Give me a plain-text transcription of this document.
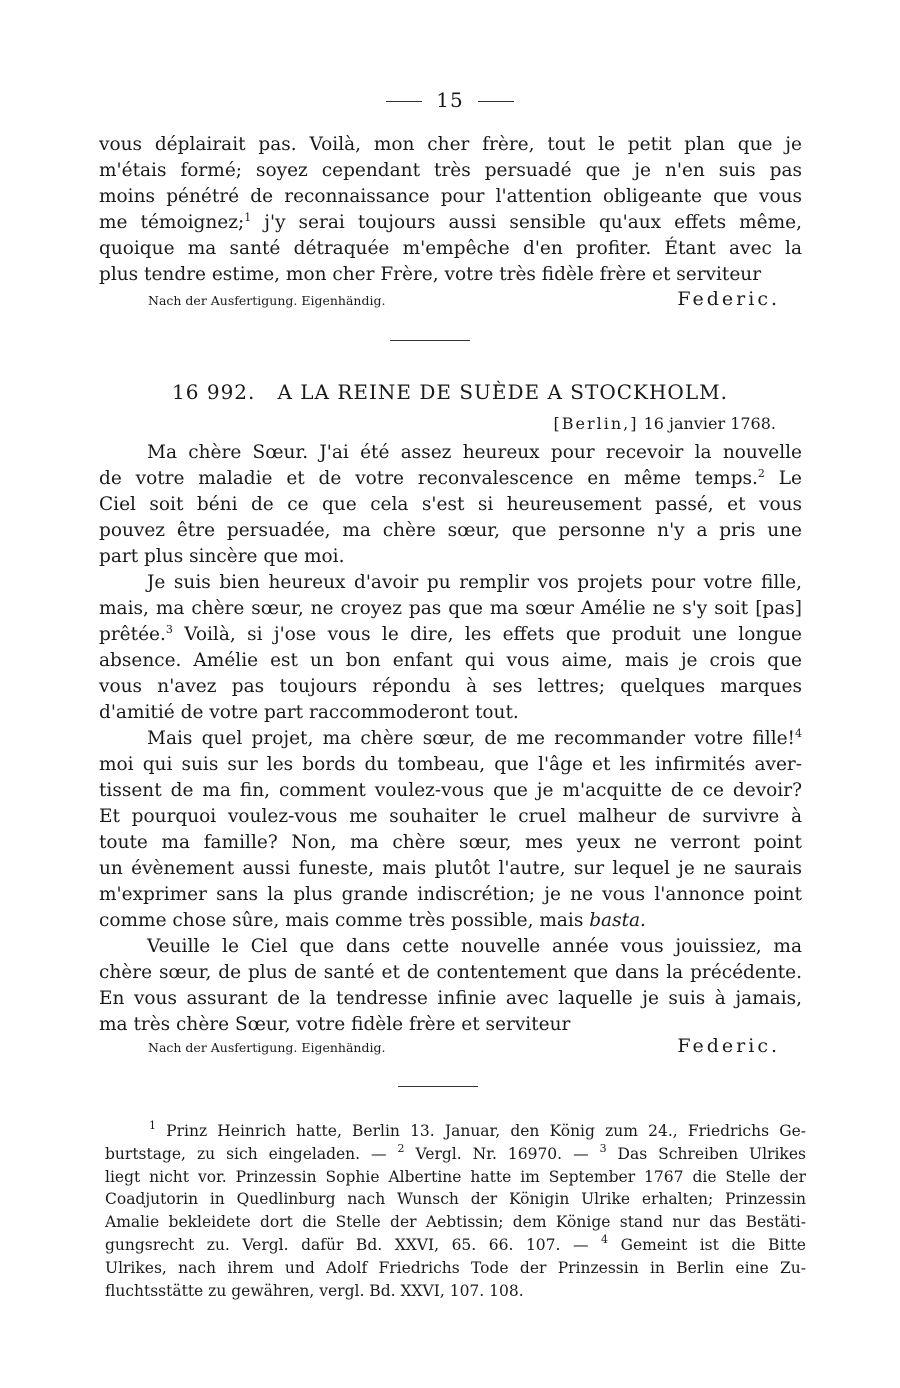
15
vous déplairait pas. Voilà, mon cher frère, tout le petit plan que je
m'étais formé; soyez cependant très persuadé que je n'en suis pas
moins pénétré de reconnaissance pour l'attention obligeante que vous
me témoignez;$^1$ j'y serai toujours aussi sensible qu'aux effets même,
quoique ma santé détraquée m'empêche d'en profiter. Étant avec la
plus tendre estime, mon cher Frère, votre très fidèle frère et serviteur
Nach der Ausfertigung. Eigenhändig.	Federic.
16 992. A LA REINE DE SUÈDE A STOCKHOLM.
[Berlin,] 16 janvier 1768.
Ma chère Sœur. J'ai été assez heureux pour recevoir la nouvelle
de votre maladie et de votre reconvalescence en même temps.$^2$ Le
Ciel soit béni de ce que cela s'est si heureusement passé, et vous
pouvez être persuadée, ma chère sœur, que personne n'y a pris une
part plus sincère que moi.
Je suis bien heureux d'avoir pu remplir vos projets pour votre fille,
mais, ma chère sœur, ne croyez pas que ma sœur Amélie ne s'y soit [pas]
prêtée.$^3$ Voilà, si j'ose vous le dire, les effets que produit une longue
absence. Amélie est un bon enfant qui vous aime, mais je crois que
vous n'avez pas toujours répondu à ses lettres; quelques marques
d'amitié de votre part raccommoderont tout.
Mais quel projet, ma chère sœur, de me recommander votre fille!$^4$
moi qui suis sur les bords du tombeau, que l'âge et les infirmités aver-
tissent de ma fin, comment voulez-vous que je m'acquitte de ce devoir?
Et pourquoi voulez-vous me souhaiter le cruel malheur de survivre à
toute ma famille? Non, ma chère sœur, mes yeux ne verront point
un évènement aussi funeste, mais plutôt l'autre, sur lequel je ne saurais
m'exprimer sans la plus grande indiscrétion; je ne vous l'annonce point
comme chose sûre, mais comme très possible, mais basta.
Veuille le Ciel que dans cette nouvelle année vous jouissiez, ma
chère sœur, de plus de santé et de contentement que dans la précédente.
En vous assurant de la tendresse infinie avec laquelle je suis à jamais,
ma très chère Sœur, votre fidèle frère et serviteur
Nach der Ausfertigung. Eigenhändig.	Federic.
$^1$ Prinz Heinrich hatte, Berlin 13. Januar, den König zum 24., Friedrichs Ge-
burtstage, zu sich eingeladen. — $^2$ Vergl. Nr. 16970. — $^3$ Das Schreiben Ulrikes
liegt nicht vor. Prinzessin Sophie Albertine hatte im September 1767 die Stelle der
Coadjutorin in Quedlinburg nach Wunsch der Königin Ulrike erhalten; Prinzessin
Amalie bekleidete dort die Stelle der Aebtissin; dem Könige stand nur das Bestäti-
gungsrecht zu. Vergl. dafür Bd. XXVI, 65. 66. 107. — $^4$ Gemeint ist die Bitte
Ulrikes, nach ihrem und Adolf Friedrichs Tode der Prinzessin in Berlin eine Zu-
fluchtsstätte zu gewähren, vergl. Bd. XXVI, 107. 108.
